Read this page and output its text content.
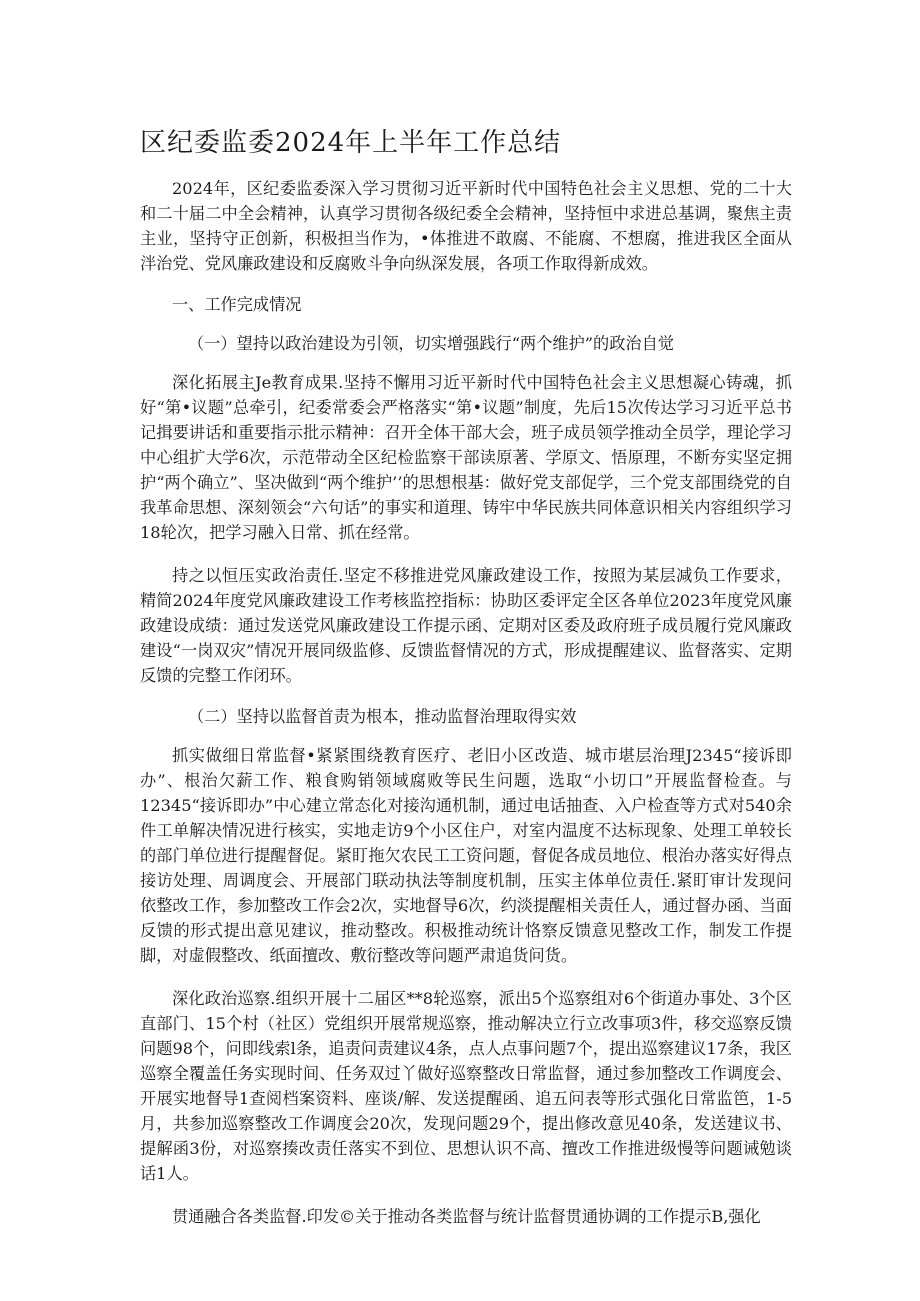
区纪委监委2024年上半年工作总结

2024年，区纪委监委深入学习贯彻习近平新时代中国特色社会主义思想、党的二十大和二十届二中全会精神，认真学习贯彻各级纪委全会精神，坚持恒中求进总基调，聚焦主责主业，坚持守正创新，积极担当作为，•体推进不敢腐、不能腐、不想腐，推进我区全面从泮治党、党风廉政建设和反腐败斗争向纵深发展，各项工作取得新成效。

一、工作完成情况

（一）望持以政治建设为引领，切实增强践行“两个维护”的政治自觉

深化拓展主Je教育成果.坚持不懈用习近平新时代中国特色社会主义思想凝心铸魂，抓好“第•议题”总牵引，纪委常委会严格落实“第•议题”制度，先后15次传达学习习近平总书记揖要讲话和重要指示批示精神：召开全体干部大会，班子成员领学推动全员学，理论学习中心组扩大学6次，示范带动全区纪检监察干部读原著、学原文、悟原理，不断夯实坚定拥护“两个确立”、坚决做到“两个维护’’的思想根基：做好党支部促学，三个党支部围绕党的自我革命思想、深刻领会“六句话”的事实和道理、铸牢中华民族共同体意识相关内容组织学习18轮次，把学习融入日常、抓在经常。

持之以恒压实政治责任.坚定不移推进党风廉政建设工作，按照为某层减负工作要求，精简2024年度党风廉政建设工作考核监控指标：协助区委评定全区各单位2023年度党风廉政建设成绩：通过发送党风廉政建设工作提示函、定期对区委及政府班子成员履行党风廉政建设“一岗双灾”情况开展同级监修、反馈监督情况的方式，形成提醒建议、监督落实、定期反馈的完整工作闭环。

（二）坚持以监督首责为根本，推动监督治理取得实效

抓实做细日常监督•紧紧围绕教育医疗、老旧小区改造、城市堪层治理J2345“接诉即办”、根治欠薪工作、粮食购销领域腐败等民生问题，选取“小切口”开展监督检查。与12345“接诉即办”中心建立常态化对接沟通机制，通过电话抽查、入户检查等方式对540余件工单解决情况进行核实，实地走访9个小区住户，对室内温度不达标现象、处理工单较长的部门单位进行提醒督促。紧盯拖欠农民工工资问题，督促各成员地位、根治办落实好得点接访处理、周调度会、开展部门联动执法等制度机制，压实主体单位责任.紧盯审计发现问依整改工作，参加整改工作会2次，实地督导6次，约淡提醒相关责任人，通过督办函、当面反馈的形式提出意见建议，推动整改。积极推动统计恪察反馈意见整改工作，制发工作提脚，对虚假整改、纸面擅改、敷衍整改等问题严肃追货问货。

深化政治巡察.组织开展十二届区**8轮巡察，派出5个巡察组对6个街道办事处、3个区直部门、15个村（社区）党组织开展常规巡察，推动解决立行立改事项3件，移交巡察反馈问题98个，问即线索l条，追责问责建议4条，点人点事问题7个，提出巡察建议17条，我区巡察全覆盖任务实现时间、任务双过丫做好巡察整改日常监督，通过参加整改工作调度会、开展实地督导1查阅档案资料、座谈/解、发送提醒函、追五问表等形式强化日常监笆，1-5月，共参加巡察整改工作调度会20次，发现问题29个，提出修改意见40条，发送建议书、提解函3份，对巡察揍改责任落实不到位、思想认识不高、擅改工作推进级慢等问题诫勉谈话1人。

贯通融合各类监督.印发©关于推动各类监督与统计监督贯通协调的工作提示B,强化
